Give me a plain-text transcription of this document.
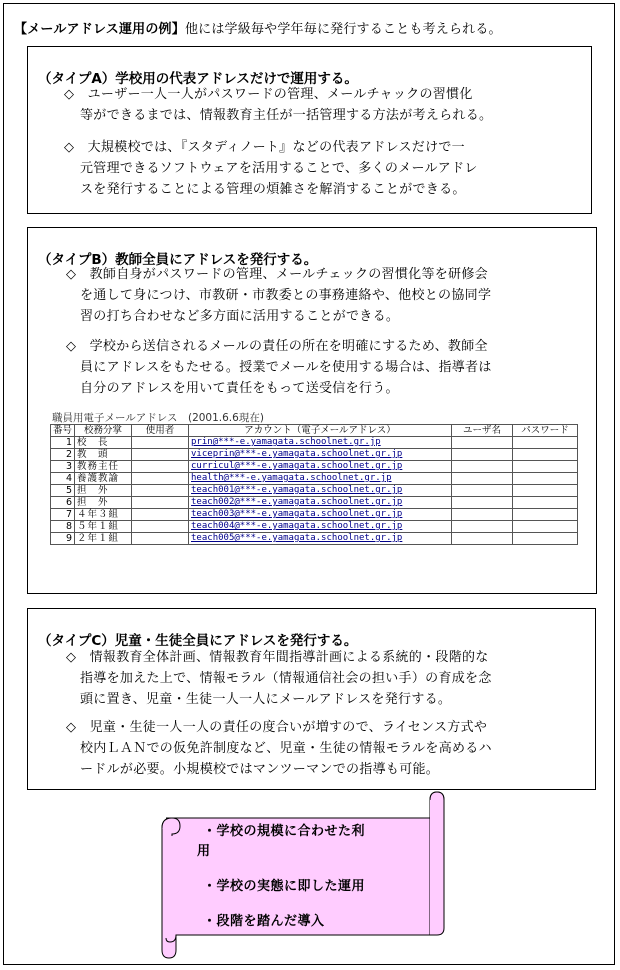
【メールアドレス運用の例】他には学級毎や学年毎に発行することも考えられる。
（タイプA）学校用の代表アドレスだけで運用する。
◇　ユーザー一人一人がパスワードの管理、メールチャックの習慣化
等ができるまでは、情報教育主任が一括管理する方法が考えられる。
◇　大規模校では、『スタディノート』などの代表アドレスだけで一
元管理できるソフトウェアを活用することで、多くのメールアドレ
スを発行することによる管理の煩雑さを解消することができる。
（タイプB）教師全員にアドレスを発行する。
◇　教師自身がパスワードの管理、メールチェックの習慣化等を研修会
を通して身につけ、市教研・市教委との事務連絡や、他校との協同学
習の打ち合わせなど多方面に活用することができる。
◇　学校から送信されるメールの責任の所在を明確にするため、教師全
員にアドレスをもたせる。授業でメールを使用する場合は、指導者は
自分のアドレスを用いて責任をもって送受信を行う。
職員用電子メールアドレス　(2001.6.6現在)
番号	校務分掌	使用者	アカウント（電子メールアドレス）	ユーザ名	パスワード
1	校　長		prin@***-e.yamagata.schoolnet.gr.jp		
2	教　頭		viceprin@***-e.yamagata.schoolnet.gr.jp		
3	教務主任		curricul@***-e.yamagata.schoolnet.gr.jp		
4	養護教諭		health@***-e.yamagata.schoolnet.gr.jp		
5	担　外		teach001@***-e.yamagata.schoolnet.gr.jp		
6	担　外		teach002@***-e.yamagata.schoolnet.gr.jp		
7	４年３組		teach003@***-e.yamagata.schoolnet.gr.jp		
8	５年１組		teach004@***-e.yamagata.schoolnet.gr.jp		
9	２年１組		teach005@***-e.yamagata.schoolnet.gr.jp		
（タイプC）児童・生徒全員にアドレスを発行する。
◇　情報教育全体計画、情報教育年間指導計画による系統的・段階的な
指導を加えた上で、情報モラル（情報通信社会の担い手）の育成を念
頭に置き、児童・生徒一人一人にメールアドレスを発行する。
◇　児童・生徒一人一人の責任の度合いが増すので、ライセンス方式や
校内ＬＡＮでの仮免許制度など、児童・生徒の情報モラルを高めるハ
ードルが必要。小規模校ではマンツーマンでの指導も可能。
・学校の規模に合わせた利
用
・学校の実態に即した運用
・段階を踏んだ導入
